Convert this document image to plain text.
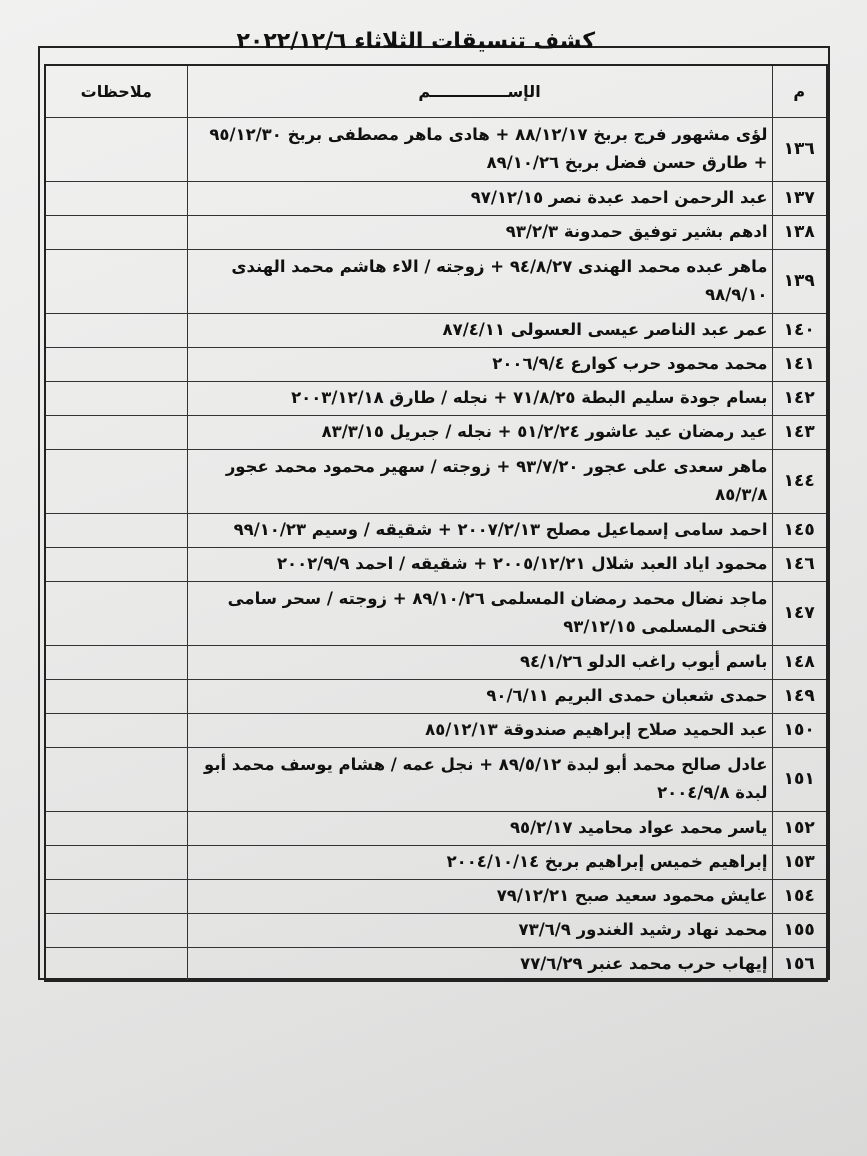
كشف تنسيقات الثلاثاء ٢٠٢٢/١٢/٦
م	الإســــــــــــــم	ملاحظات
١٣٦	لؤى مشهور فرج بربخ ٨٨/١٢/١٧ + هادى ماهر مصطفى بربخ ٩٥/١٢/٣٠ + طارق حسن فضل بربخ ٨٩/١٠/٢٦	
١٣٧	عبد الرحمن احمد عبدة نصر ٩٧/١٢/١٥	
١٣٨	ادهم بشير توفيق حمدونة ٩٣/٢/٣	
١٣٩	ماهر عبده محمد الهندى ٩٤/٨/٢٧ + زوجته / الاء هاشم محمد الهندى ٩٨/٩/١٠	
١٤٠	عمر عبد الناصر عيسى العسولى ٨٧/٤/١١	
١٤١	محمد محمود حرب كوارع ٢٠٠٦/٩/٤	
١٤٢	بسام جودة سليم البطة ٧١/٨/٢٥ + نجله / طارق ٢٠٠٣/١٢/١٨	
١٤٣	عيد رمضان عيد عاشور ٥١/٢/٢٤ + نجله / جبريل ٨٣/٣/١٥	
١٤٤	ماهر سعدى على عجور ٩٣/٧/٢٠ + زوجته / سهير محمود محمد عجور ٨٥/٣/٨	
١٤٥	احمد سامى إسماعيل مصلح ٢٠٠٧/٢/١٣ + شقيقه / وسيم ٩٩/١٠/٢٣	
١٤٦	محمود اياد العبد شلال ٢٠٠٥/١٢/٢١ + شقيقه / احمد ٢٠٠٢/٩/٩	
١٤٧	ماجد نضال محمد رمضان المسلمى ٨٩/١٠/٢٦ + زوجته / سحر سامى فتحى المسلمى ٩٣/١٢/١٥	
١٤٨	باسم أيوب راغب الدلو ٩٤/١/٢٦	
١٤٩	حمدى شعبان حمدى البريم ٩٠/٦/١١	
١٥٠	عبد الحميد صلاح إبراهيم صندوقة ٨٥/١٢/١٣	
١٥١	عادل صالح محمد أبو لبدة ٨٩/٥/١٢ + نجل عمه / هشام يوسف محمد أبو لبدة ٢٠٠٤/٩/٨	
١٥٢	ياسر محمد عواد محاميد ٩٥/٢/١٧	
١٥٣	إبراهيم خميس إبراهيم بربخ ٢٠٠٤/١٠/١٤	
١٥٤	عايش محمود سعيد صبح ٧٩/١٢/٢١	
١٥٥	محمد نهاد رشيد الغندور ٧٣/٦/٩	
١٥٦	إيهاب حرب محمد عنبر ٧٧/٦/٢٩	
